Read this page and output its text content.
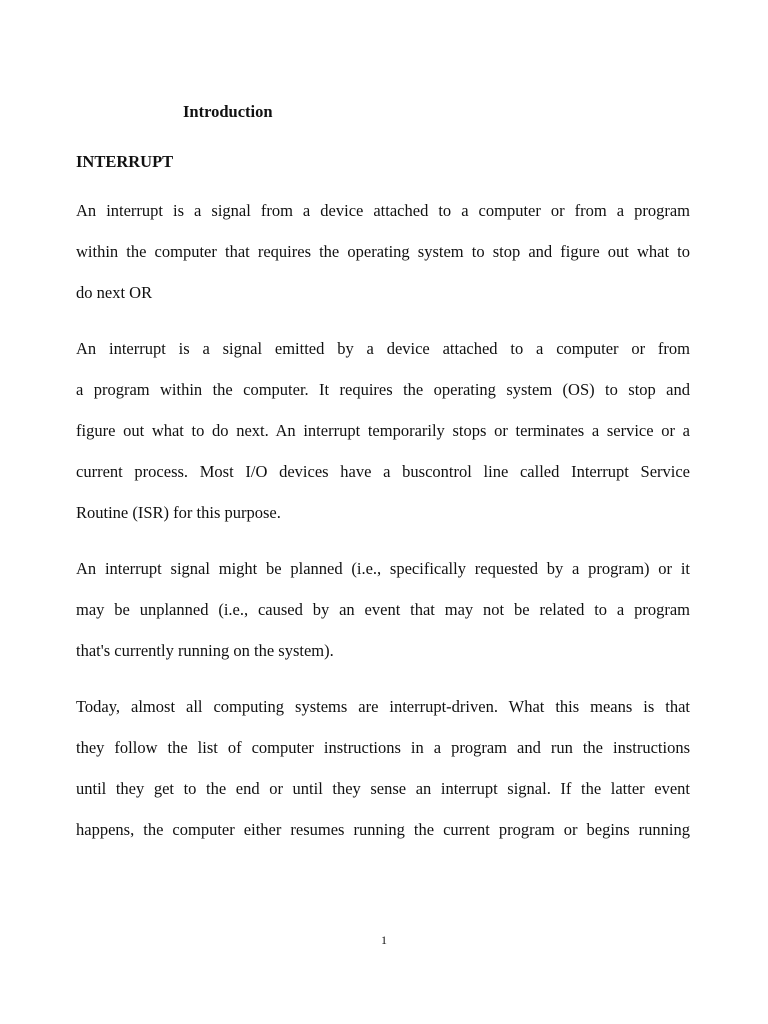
Introduction
INTERRUPT
An interrupt is a signal from a device attached to a computer or from a program
within the computer that requires the operating system to stop and figure out what to
do next OR
An interrupt is a signal emitted by a device attached to a computer or from
a program within the computer. It requires the operating system (OS) to stop and
figure out what to do next. An interrupt temporarily stops or terminates a service or a
current process. Most I/O devices have a buscontrol line called Interrupt Service
Routine (ISR) for this purpose.
An interrupt signal might be planned (i.e., specifically requested by a program) or it
may be unplanned (i.e., caused by an event that may not be related to a program
that's currently running on the system).
Today, almost all computing systems are interrupt-driven. What this means is that
they follow the list of computer instructions in a program and run the instructions
until they get to the end or until they sense an interrupt signal. If the latter event
happens, the computer either resumes running the current program or begins running
1
